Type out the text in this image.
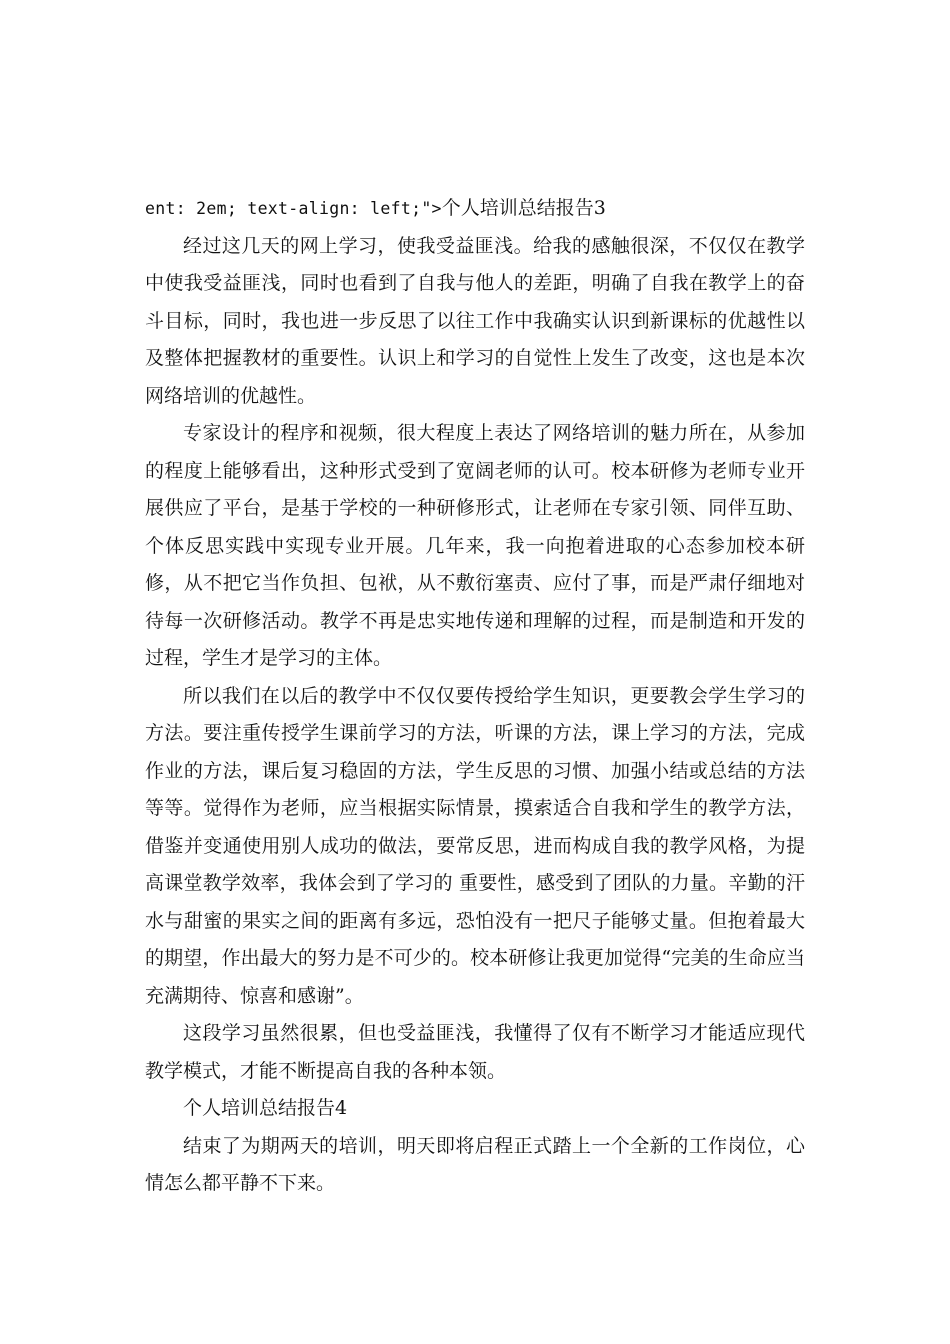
ent: 2em; text-align: left;">个人培训总结报告3

经过这几天的网上学习，使我受益匪浅。给我的感触很深，不仅仅在教学中使我受益匪浅，同时也看到了自我与他人的差距，明确了自我在教学上的奋斗目标，同时，我也进一步反思了以往工作中我确实认识到新课标的优越性以及整体把握教材的重要性。认识上和学习的自觉性上发生了改变，这也是本次网络培训的优越性。

专家设计的程序和视频，很大程度上表达了网络培训的魅力所在，从参加的程度上能够看出，这种形式受到了宽阔老师的认可。校本研修为老师专业开展供应了平台，是基于学校的一种研修形式，让老师在专家引领、同伴互助、个体反思实践中实现专业开展。几年来，我一向抱着进取的心态参加校本研修，从不把它当作负担、包袱，从不敷衍塞责、应付了事，而是严肃仔细地对待每一次研修活动。教学不再是忠实地传递和理解的过程，而是制造和开发的过程，学生才是学习的主体。

所以我们在以后的教学中不仅仅要传授给学生知识，更要教会学生学习的方法。要注重传授学生课前学习的方法，听课的方法，课上学习的方法，完成作业的方法，课后复习稳固的方法，学生反思的习惯、加强小结或总结的方法等等。觉得作为老师，应当根据实际情景，摸索适合自我和学生的教学方法，借鉴并变通使用别人成功的做法，要常反思，进而构成自我的教学风格，为提高课堂教学效率，我体会到了学习的 重要性，感受到了团队的力量。辛勤的汗水与甜蜜的果实之间的距离有多远，恐怕没有一把尺子能够丈量。但抱着最大的期望，作出最大的努力是不可少的。校本研修让我更加觉得“完美的生命应当充满期待、惊喜和感谢”。

这段学习虽然很累，但也受益匪浅，我懂得了仅有不断学习才能适应现代教学模式，才能不断提高自我的各种本领。

个人培训总结报告4

结束了为期两天的培训，明天即将启程正式踏上一个全新的工作岗位，心情怎么都平静不下来。
